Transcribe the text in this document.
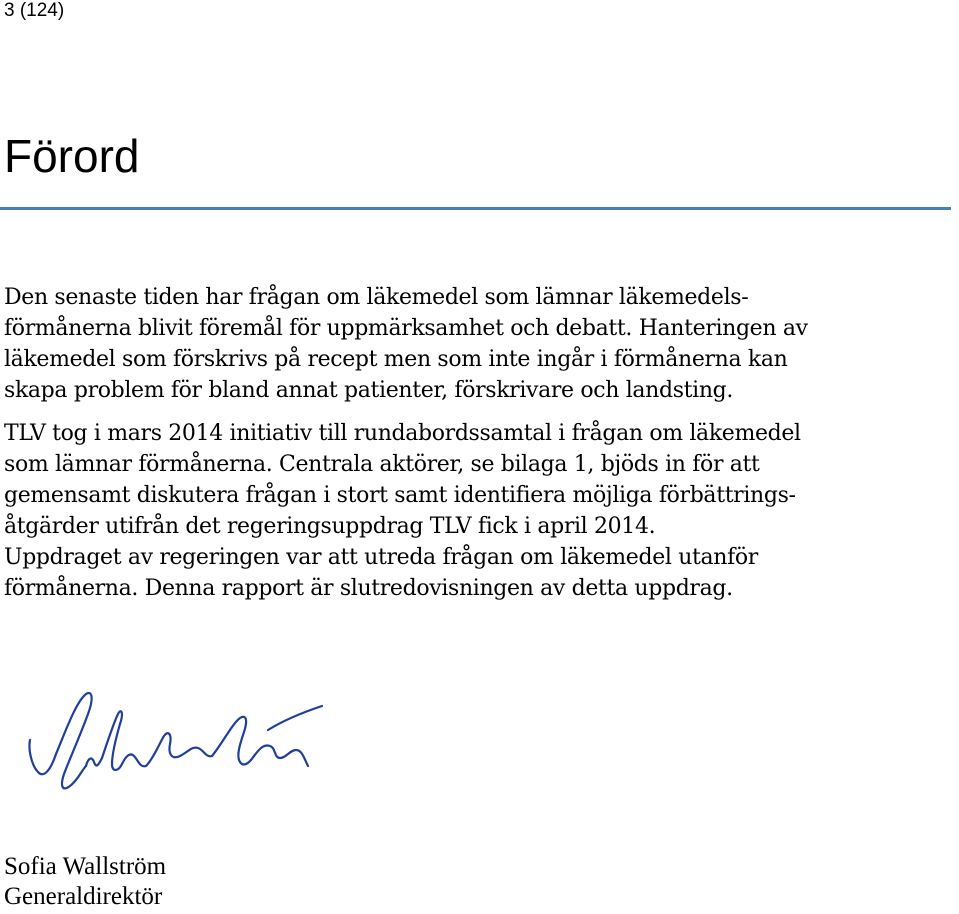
3 (124)
Förord

Den senaste tiden har frågan om läkemedel som lämnar läkemedels-
förmånerna blivit föremål för uppmärksamhet och debatt. Hanteringen av
läkemedel som förskrivs på recept men som inte ingår i förmånerna kan
skapa problem för bland annat patienter, förskrivare och landsting.

TLV tog i mars 2014 initiativ till rundabordssamtal i frågan om läkemedel
som lämnar förmånerna. Centrala aktörer, se bilaga 1, bjöds in för att
gemensamt diskutera frågan i stort samt identifiera möjliga förbättrings-
åtgärder utifrån det regeringsuppdrag TLV fick i april 2014.
Uppdraget av regeringen var att utreda frågan om läkemedel utanför
förmånerna. Denna rapport är slutredovisningen av detta uppdrag.

Sofia Wallström
Generaldirektör
